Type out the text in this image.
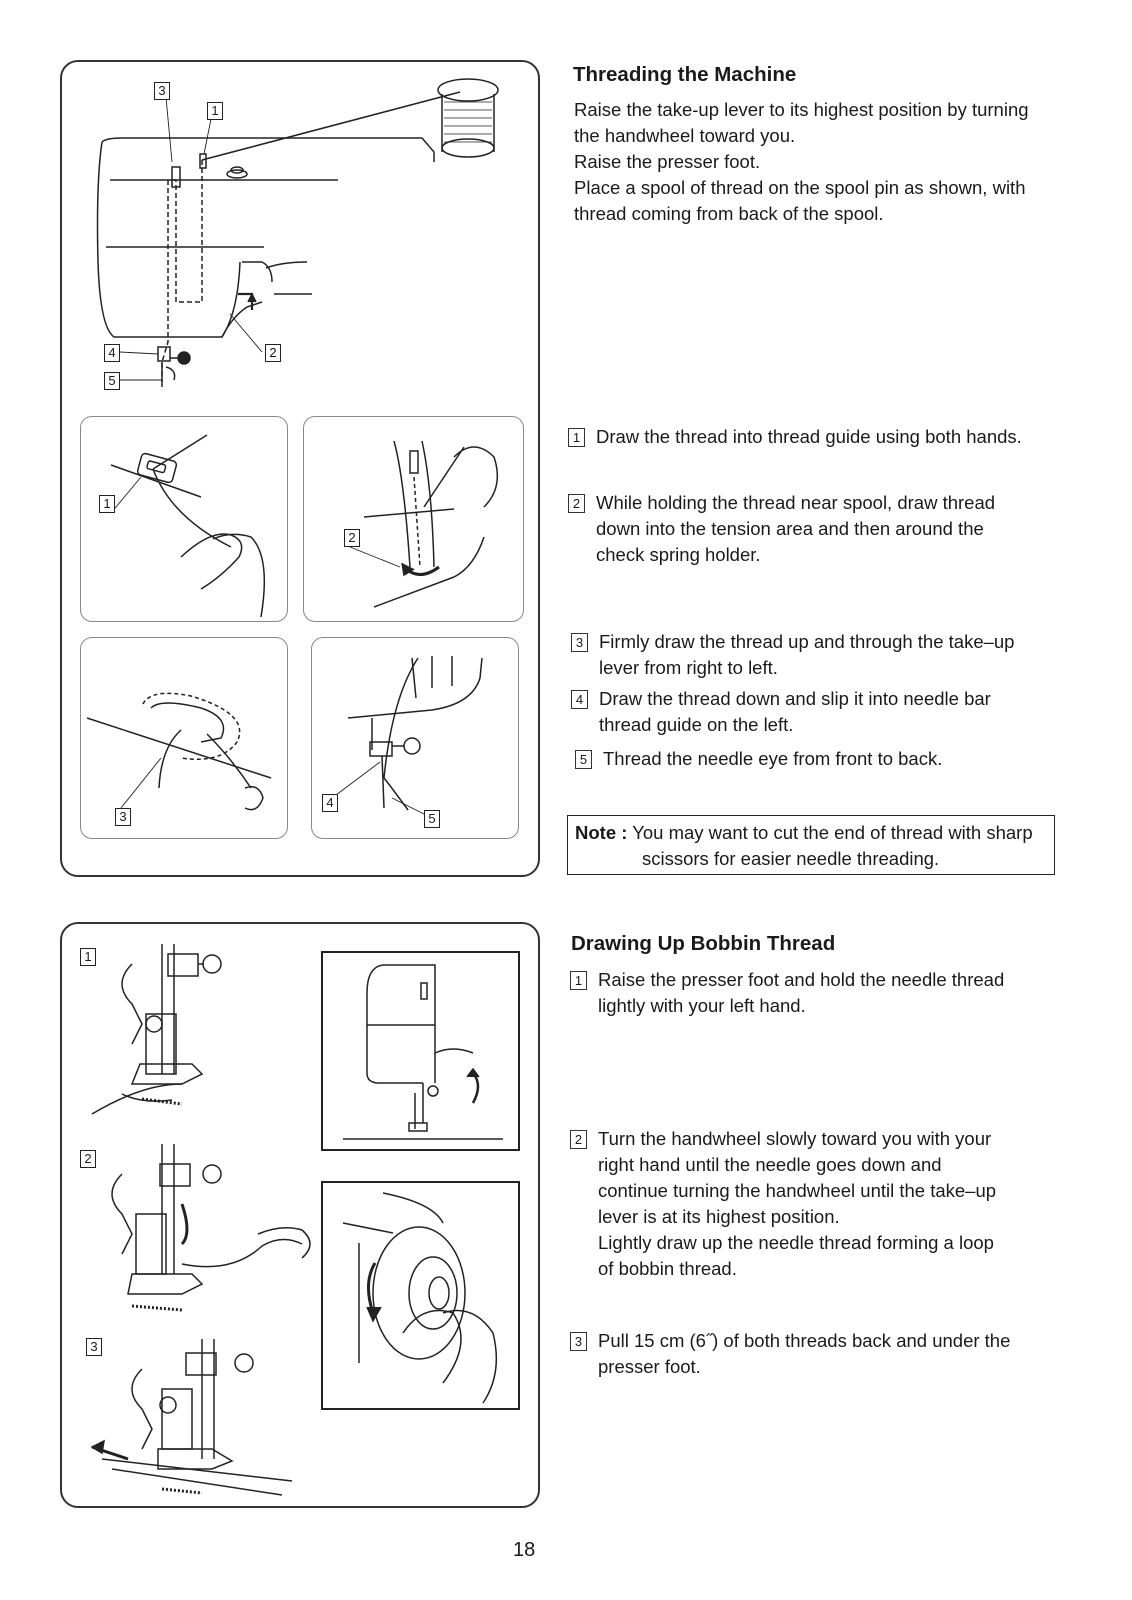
3
1
4
5
2
1
2
3
4
5
Threading the Machine
Raise the take-up lever to its highest position by turning
the handwheel toward you.
Raise the presser foot.
Place a spool of thread on the spool pin as shown, with
thread coming from back of the spool.
1 Draw the thread into thread guide using both hands.
2 While holding the thread near spool, draw thread
down into the tension area and then around the
check spring holder.
3 Firmly draw the thread up and through the take–up
lever from right to left.
4 Draw the thread down and slip it into needle bar
thread guide on the left.
5 Thread the needle eye from front to back.
Note : You may want to cut the end of thread with sharp
scissors for easier needle threading.
1
2
3
Drawing Up Bobbin Thread
1 Raise the presser foot and hold the needle thread
lightly with your left hand.
2 Turn the handwheel slowly toward you with your
right hand until the needle goes down and
continue turning the handwheel until the take–up
lever is at its highest position.
Lightly draw up the needle thread forming a loop
of bobbin thread.
3 Pull 15 cm (6˝) of both threads back and under the
presser foot.
18
